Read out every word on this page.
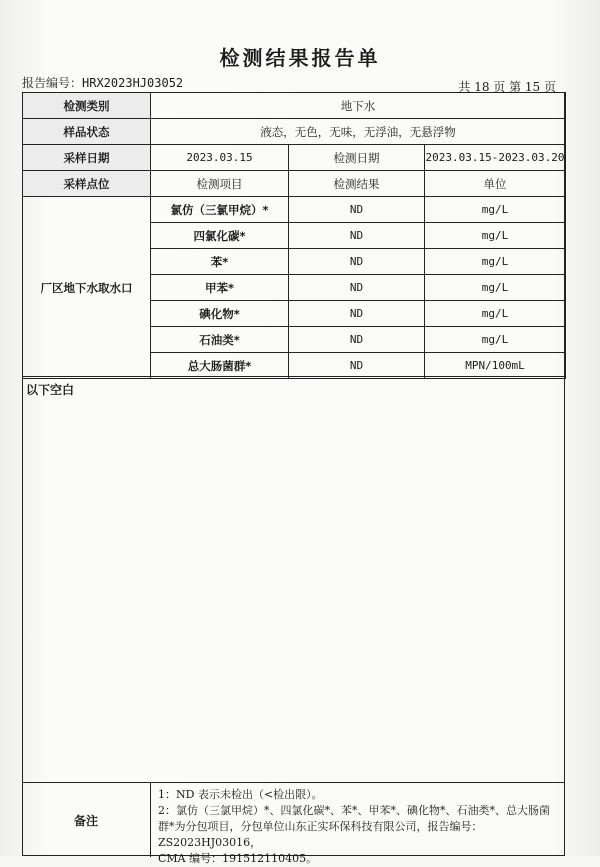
检测结果报告单
报告编号：HRX2023HJ03052	共 18 页 第 15 页
检测类别	地下水		
样品状态	液态，无色，无味，无浮油，无悬浮物		
采样日期	2023.03.15	检测日期	2023.03.15-2023.03.20
采样点位	检测项目	检测结果	单位
厂区地下水取水口	氯仿（三氯甲烷）*	ND	mg/L
	四氯化碳*	ND	mg/L
	苯*	ND	mg/L
	甲苯*	ND	mg/L
	碘化物*	ND	mg/L
	石油类*	ND	mg/L
	总大肠菌群*	ND	MPN/100mL
以下空白
备注
1：ND 表示未检出（<检出限）。
2：氯仿（三氯甲烷）*、四氯化碳*、苯*、甲苯*、碘化物*、石油类*、总大肠菌
群*为分包项目，分包单位山东正实环保科技有限公司，报告编号：ZS2023HJ03016，
CMA 编号：191512110405。
